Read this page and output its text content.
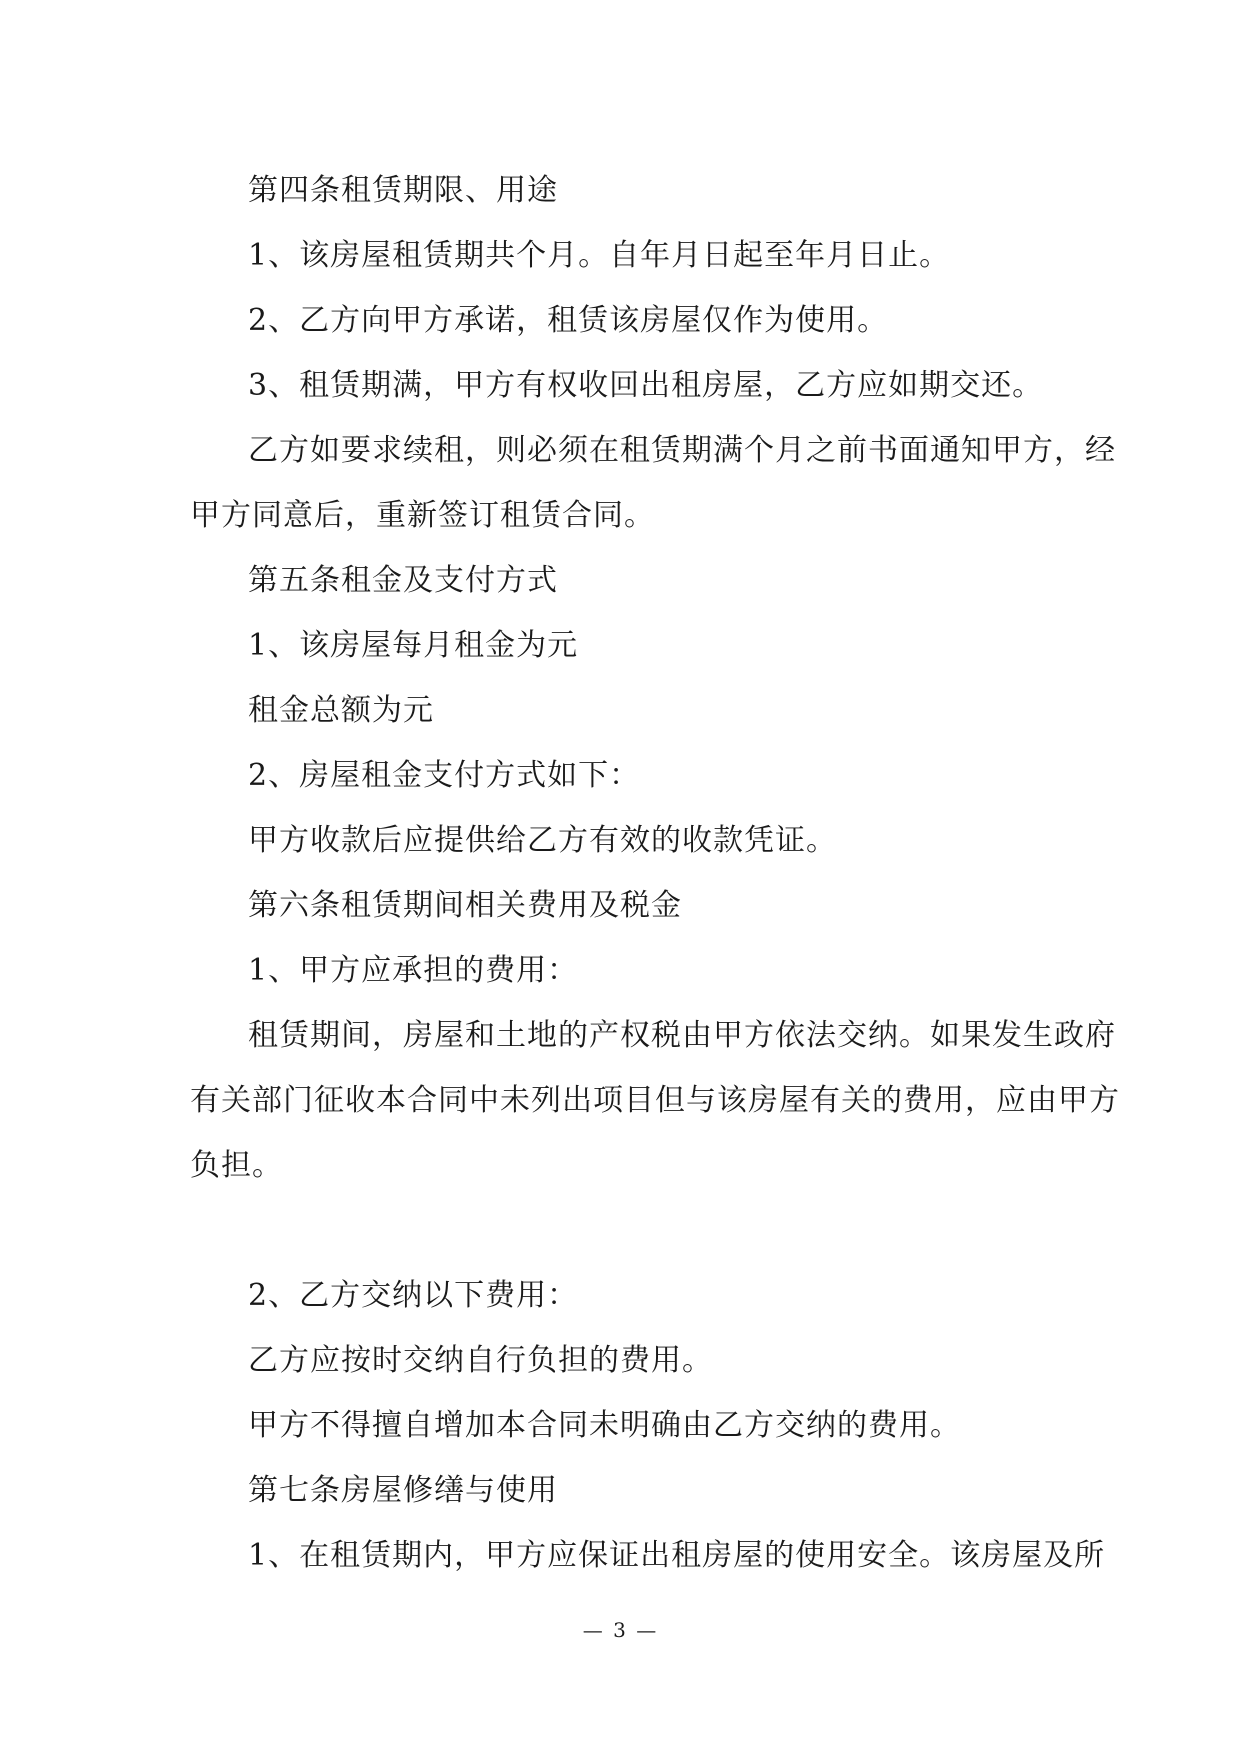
第四条租赁期限、用途

1、该房屋租赁期共个月。自年月日起至年月日止。

2、乙方向甲方承诺，租赁该房屋仅作为使用。

3、租赁期满，甲方有权收回出租房屋，乙方应如期交还。

乙方如要求续租，则必须在租赁期满个月之前书面通知甲方，经

甲方同意后，重新签订租赁合同。

第五条租金及支付方式

1、该房屋每月租金为元

租金总额为元

2、房屋租金支付方式如下：

甲方收款后应提供给乙方有效的收款凭证。

第六条租赁期间相关费用及税金

1、甲方应承担的费用：

租赁期间，房屋和土地的产权税由甲方依法交纳。如果发生政府

有关部门征收本合同中未列出项目但与该房屋有关的费用，应由甲方

负担。

2、乙方交纳以下费用：

乙方应按时交纳自行负担的费用。

甲方不得擅自增加本合同未明确由乙方交纳的费用。

第七条房屋修缮与使用

1、在租赁期内，甲方应保证出租房屋的使用安全。该房屋及所

— 3 —
